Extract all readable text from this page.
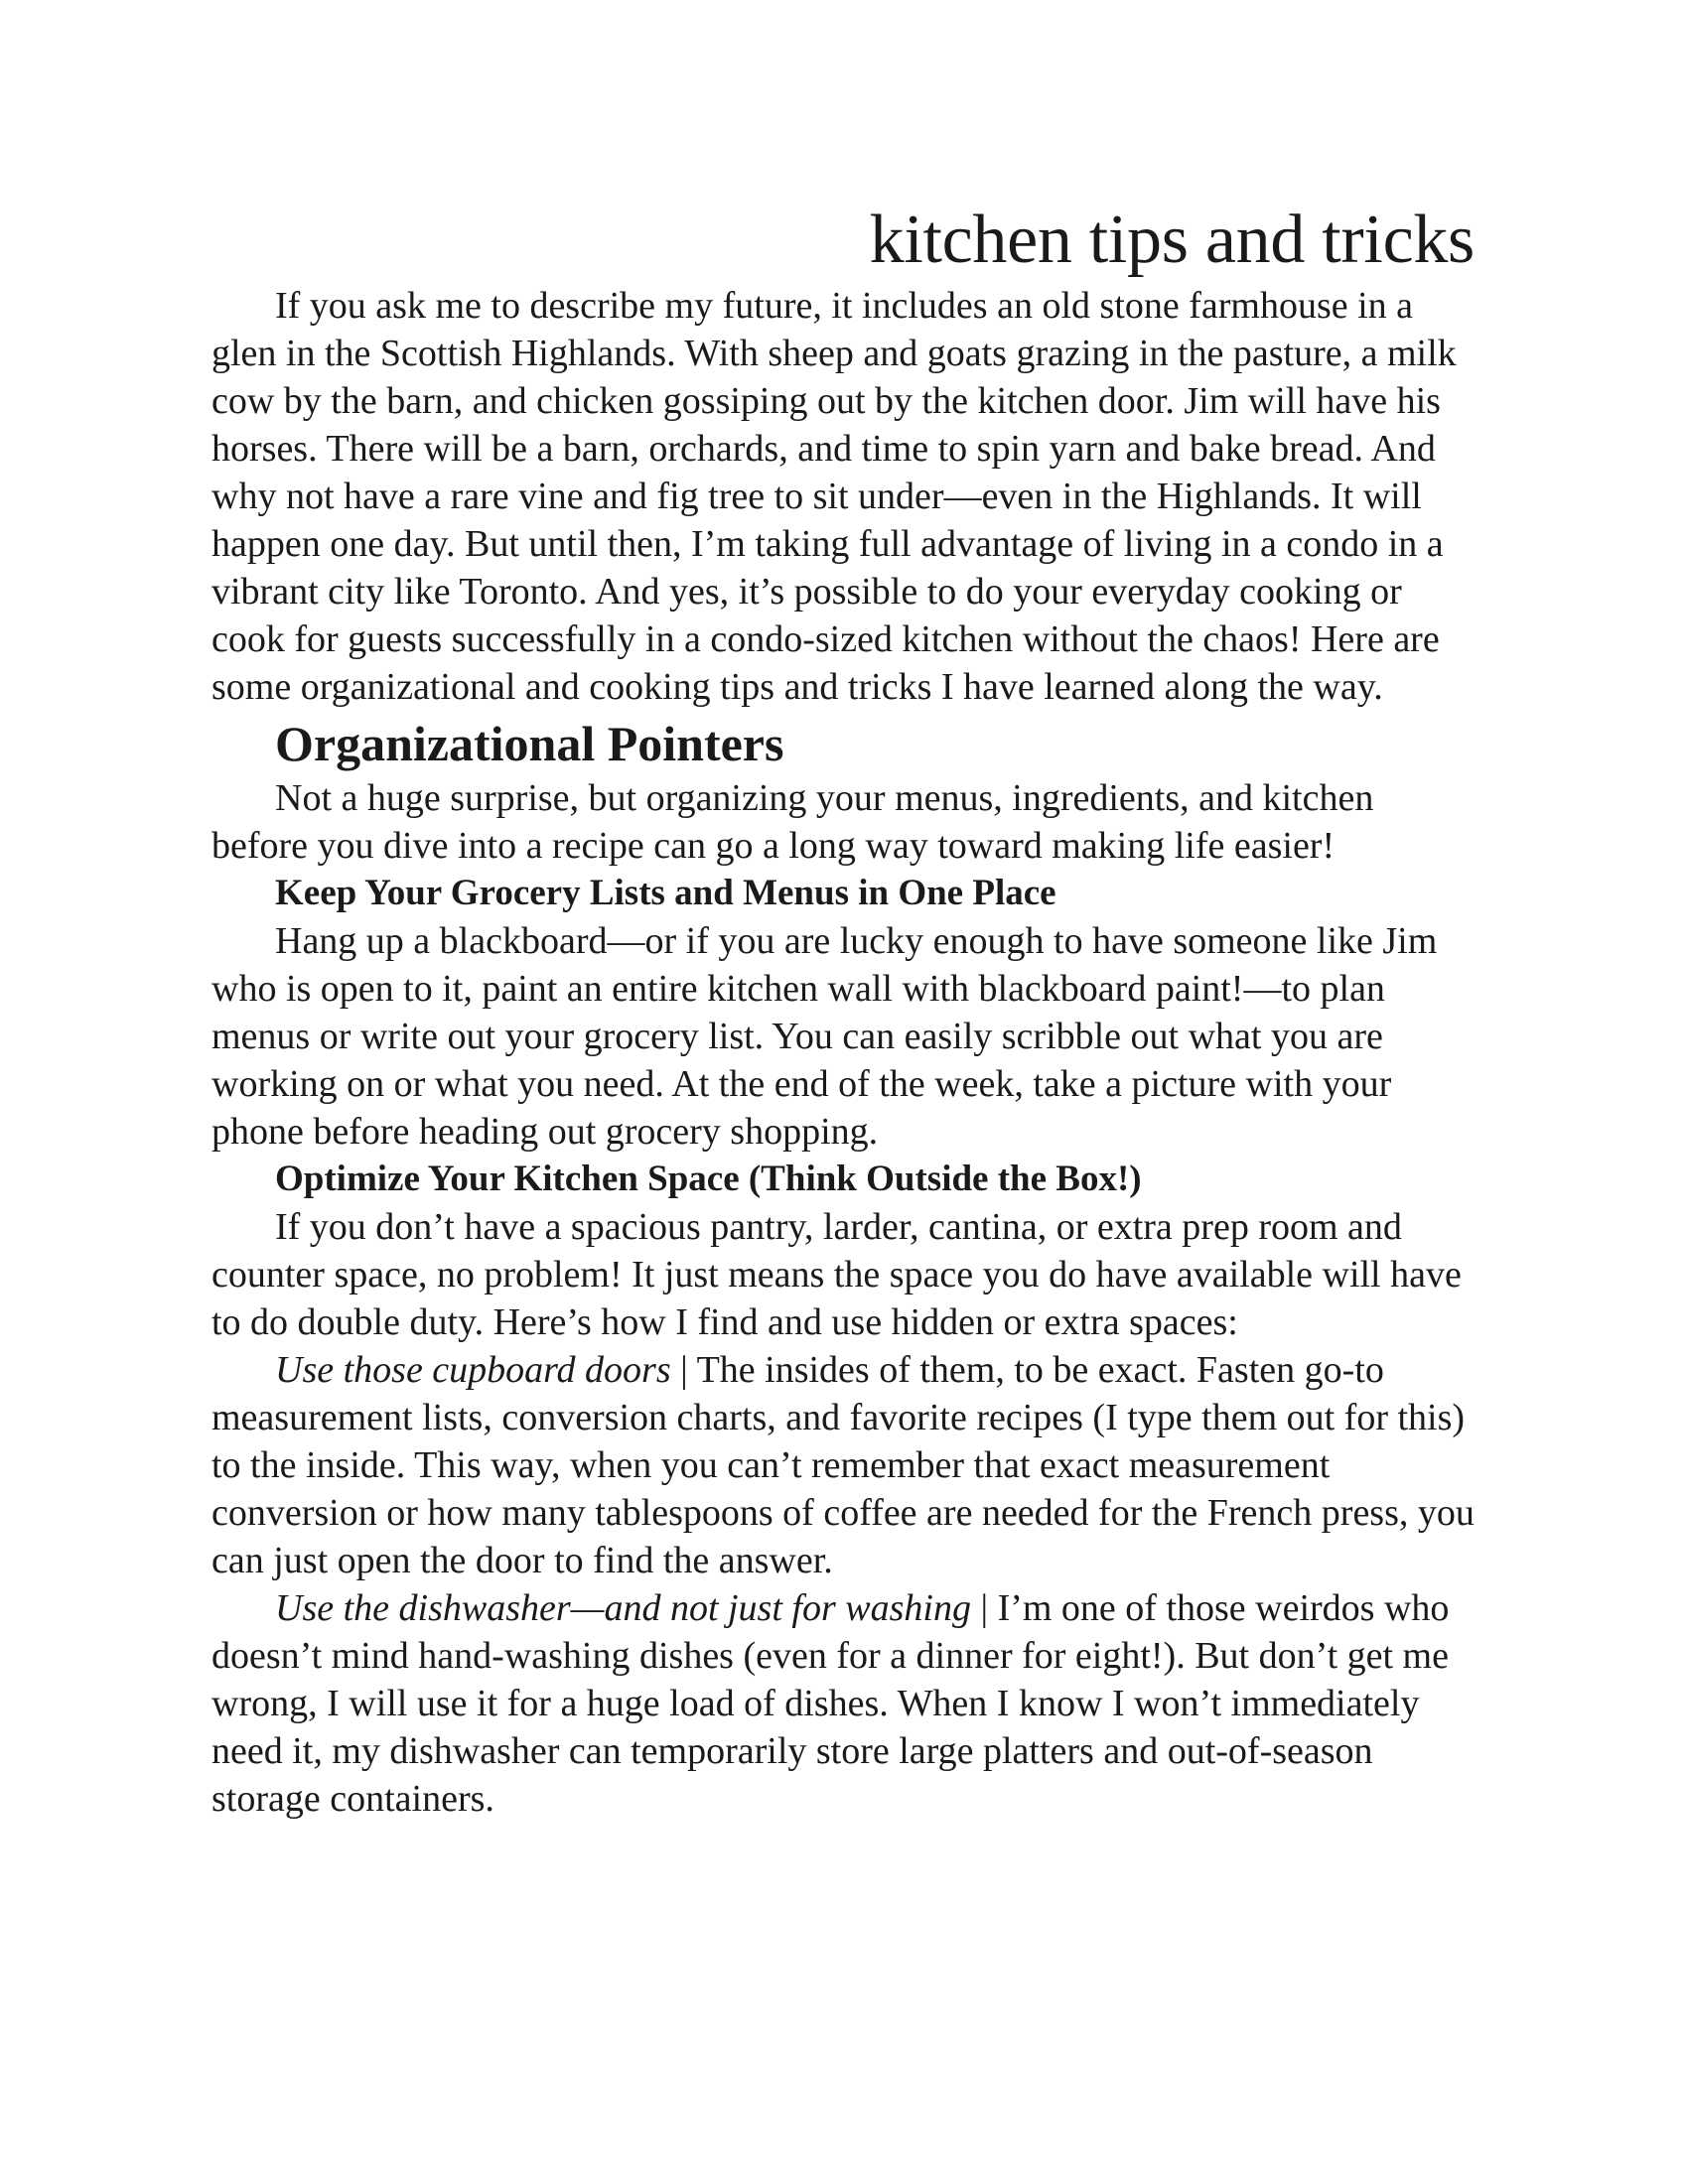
kitchen tips and tricks

If you ask me to describe my future, it includes an old stone farmhouse in a glen in the Scottish Highlands. With sheep and goats grazing in the pasture, a milk cow by the barn, and chicken gossiping out by the kitchen door. Jim will have his horses. There will be a barn, orchards, and time to spin yarn and bake bread. And why not have a rare vine and fig tree to sit under—even in the Highlands. It will happen one day. But until then, I’m taking full advantage of living in a condo in a vibrant city like Toronto. And yes, it’s possible to do your everyday cooking or cook for guests successfully in a condo-sized kitchen without the chaos! Here are some organizational and cooking tips and tricks I have learned along the way.

Organizational Pointers

Not a huge surprise, but organizing your menus, ingredients, and kitchen before you dive into a recipe can go a long way toward making life easier!

Keep Your Grocery Lists and Menus in One Place

Hang up a blackboard—or if you are lucky enough to have someone like Jim who is open to it, paint an entire kitchen wall with blackboard paint!—to plan menus or write out your grocery list. You can easily scribble out what you are working on or what you need. At the end of the week, take a picture with your phone before heading out grocery shopping.

Optimize Your Kitchen Space (Think Outside the Box!)

If you don’t have a spacious pantry, larder, cantina, or extra prep room and counter space, no problem! It just means the space you do have available will have to do double duty. Here’s how I find and use hidden or extra spaces:

Use those cupboard doors | The insides of them, to be exact. Fasten go-to measurement lists, conversion charts, and favorite recipes (I type them out for this) to the inside. This way, when you can’t remember that exact measurement conversion or how many tablespoons of coffee are needed for the French press, you can just open the door to find the answer.

Use the dishwasher—and not just for washing | I’m one of those weirdos who doesn’t mind hand-washing dishes (even for a dinner for eight!). But don’t get me wrong, I will use it for a huge load of dishes. When I know I won’t immediately need it, my dishwasher can temporarily store large platters and out-of-season storage containers.
